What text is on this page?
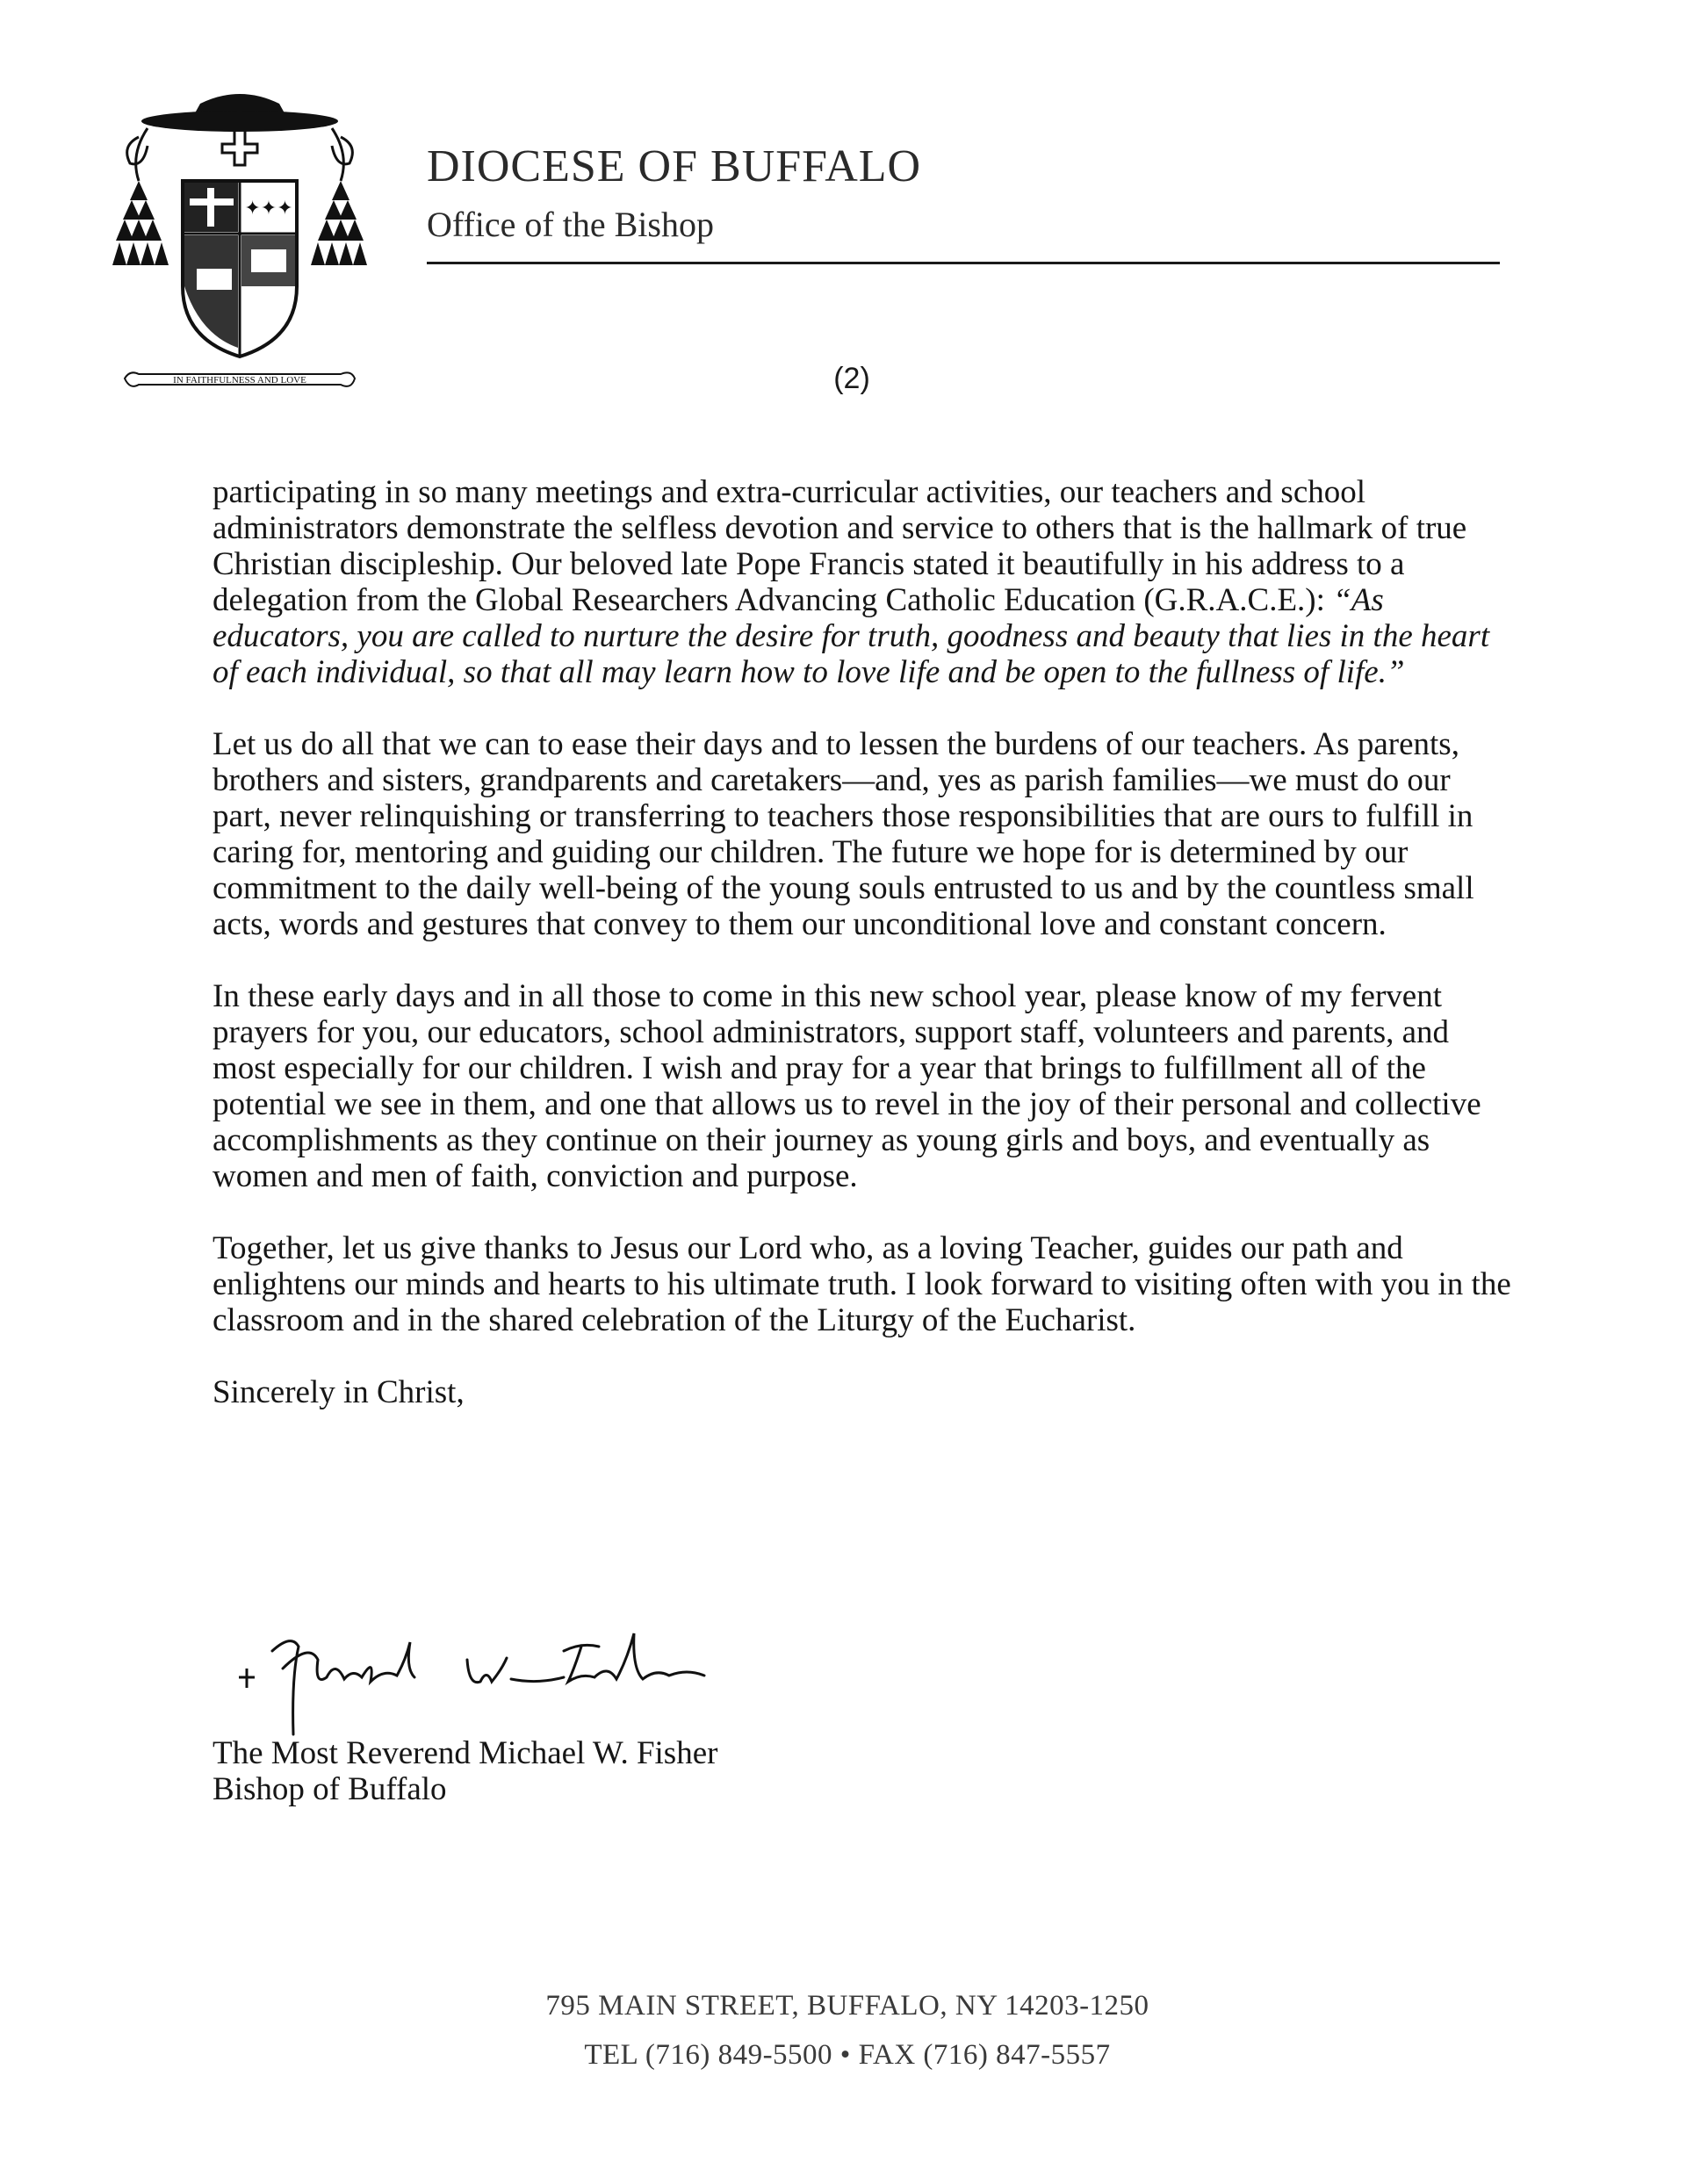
✦✦✦
IN FAITHFULNESS AND LOVE
DIOCESE OF BUFFALO
Office of the Bishop
(2)

participating in so many meetings and extra-curricular activities, our teachers and school administrators demonstrate the selfless devotion and service to others that is the hallmark of true Christian discipleship. Our beloved late Pope Francis stated it beautifully in his address to a delegation from the Global Researchers Advancing Catholic Education (G.R.A.C.E.): “As educators, you are called to nurture the desire for truth, goodness and beauty that lies in the heart of each individual, so that all may learn how to love life and be open to the fullness of life.”

Let us do all that we can to ease their days and to lessen the burdens of our teachers. As parents, brothers and sisters, grandparents and caretakers—and, yes as parish families—we must do our part, never relinquishing or transferring to teachers those responsibilities that are ours to fulfill in caring for, mentoring and guiding our children. The future we hope for is determined by our commitment to the daily well-being of the young souls entrusted to us and by the countless small acts, words and gestures that convey to them our unconditional love and constant concern.

In these early days and in all those to come in this new school year, please know of my fervent prayers for you, our educators, school administrators, support staff, volunteers and parents, and most especially for our children. I wish and pray for a year that brings to fulfillment all of the potential we see in them, and one that allows us to revel in the joy of their personal and collective accomplishments as they continue on their journey as young girls and boys, and eventually as women and men of faith, conviction and purpose.

Together, let us give thanks to Jesus our Lord who, as a loving Teacher, guides our path and enlightens our minds and hearts to his ultimate truth. I look forward to visiting often with you in the classroom and in the shared celebration of the Liturgy of the Eucharist.

Sincerely in Christ,

The Most Reverend Michael W. Fisher
Bishop of Buffalo
795 MAIN STREET, BUFFALO, NY 14203-1250
TEL (716) 849-5500 • FAX (716) 847-5557
